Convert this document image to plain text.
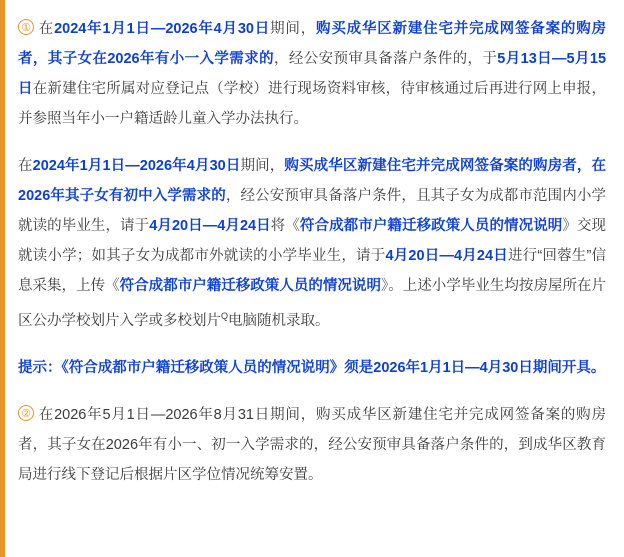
① 在2024年1月1日—2026年4月30日期间，购买成华区新建住宅并完成网签备案的购房者，其子女在2026年有小一入学需求的，经公安预审具备落户条件的，于5月13日—5月15日在新建住宅所属对应登记点（学校）进行现场资料审核，待审核通过后再进行网上申报，并参照当年小一户籍适龄儿童入学办法执行。

在2024年1月1日—2026年4月30日期间，购买成华区新建住宅并完成网签备案的购房者，在2026年其子女有初中入学需求的，经公安预审具备落户条件，且其子女为成都市范围内小学就读的毕业生，请于4月20日—4月24日将《符合成都市户籍迁移政策人员的情况说明》交现就读小学；如其子女为成都市外就读的小学毕业生，请于4月20日—4月24日进行“回蓉生”信息采集，上传《符合成都市户籍迁移政策人员的情况说明》。上述小学毕业生均按房屋所在片区公办学校划片入学或多校划片$^Q$电脑随机录取。

提示：《符合成都市户籍迁移政策人员的情况说明》须是2026年1月1日—4月30日期间开具。

② 在2026年5月1日—2026年8月31日期间，购买成华区新建住宅并完成网签备案的购房者，其子女在2026年有小一、初一入学需求的，经公安预审具备落户条件的，到成华区教育局进行线下登记后根据片区学位情况统筹安置。
